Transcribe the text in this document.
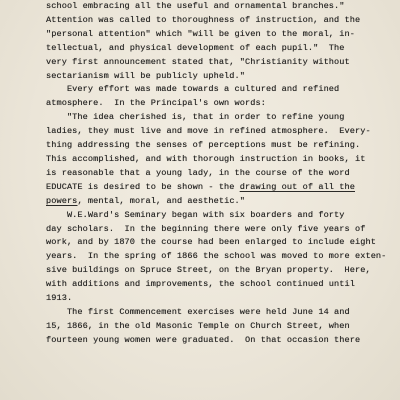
school embracing all the useful and ornamental branches."
Attention was called to thoroughness of instruction, and the
"personal attention" which "will be given to the moral, in-
tellectual, and physical development of each pupil."  The
very first announcement stated that, "Christianity without
sectarianism will be publicly upheld."
Every effort was made towards a cultured and refined
atmosphere.  In the Principal's own words:
"The idea cherished is, that in order to refine young
ladies, they must live and move in refined atmosphere.  Every-
thing addressing the senses of perceptions must be refining.
This accomplished, and with thorough instruction in books, it
is reasonable that a young lady, in the course of the word
EDUCATE is desired to be shown - the drawing out of all the
powers, mental, moral, and aesthetic."
W.E.Ward's Seminary began with six boarders and forty
day scholars.  In the beginning there were only five years of
work, and by 1870 the course had been enlarged to include eight
years.  In the spring of 1866 the school was moved to more exten-
sive buildings on Spruce Street, on the Bryan property.  Here,
with additions and improvements, the school continued until
1913.
The first Commencement exercises were held June 14 and
15, 1866, in the old Masonic Temple on Church Street, when
fourteen young women were graduated.  On that occasion there
